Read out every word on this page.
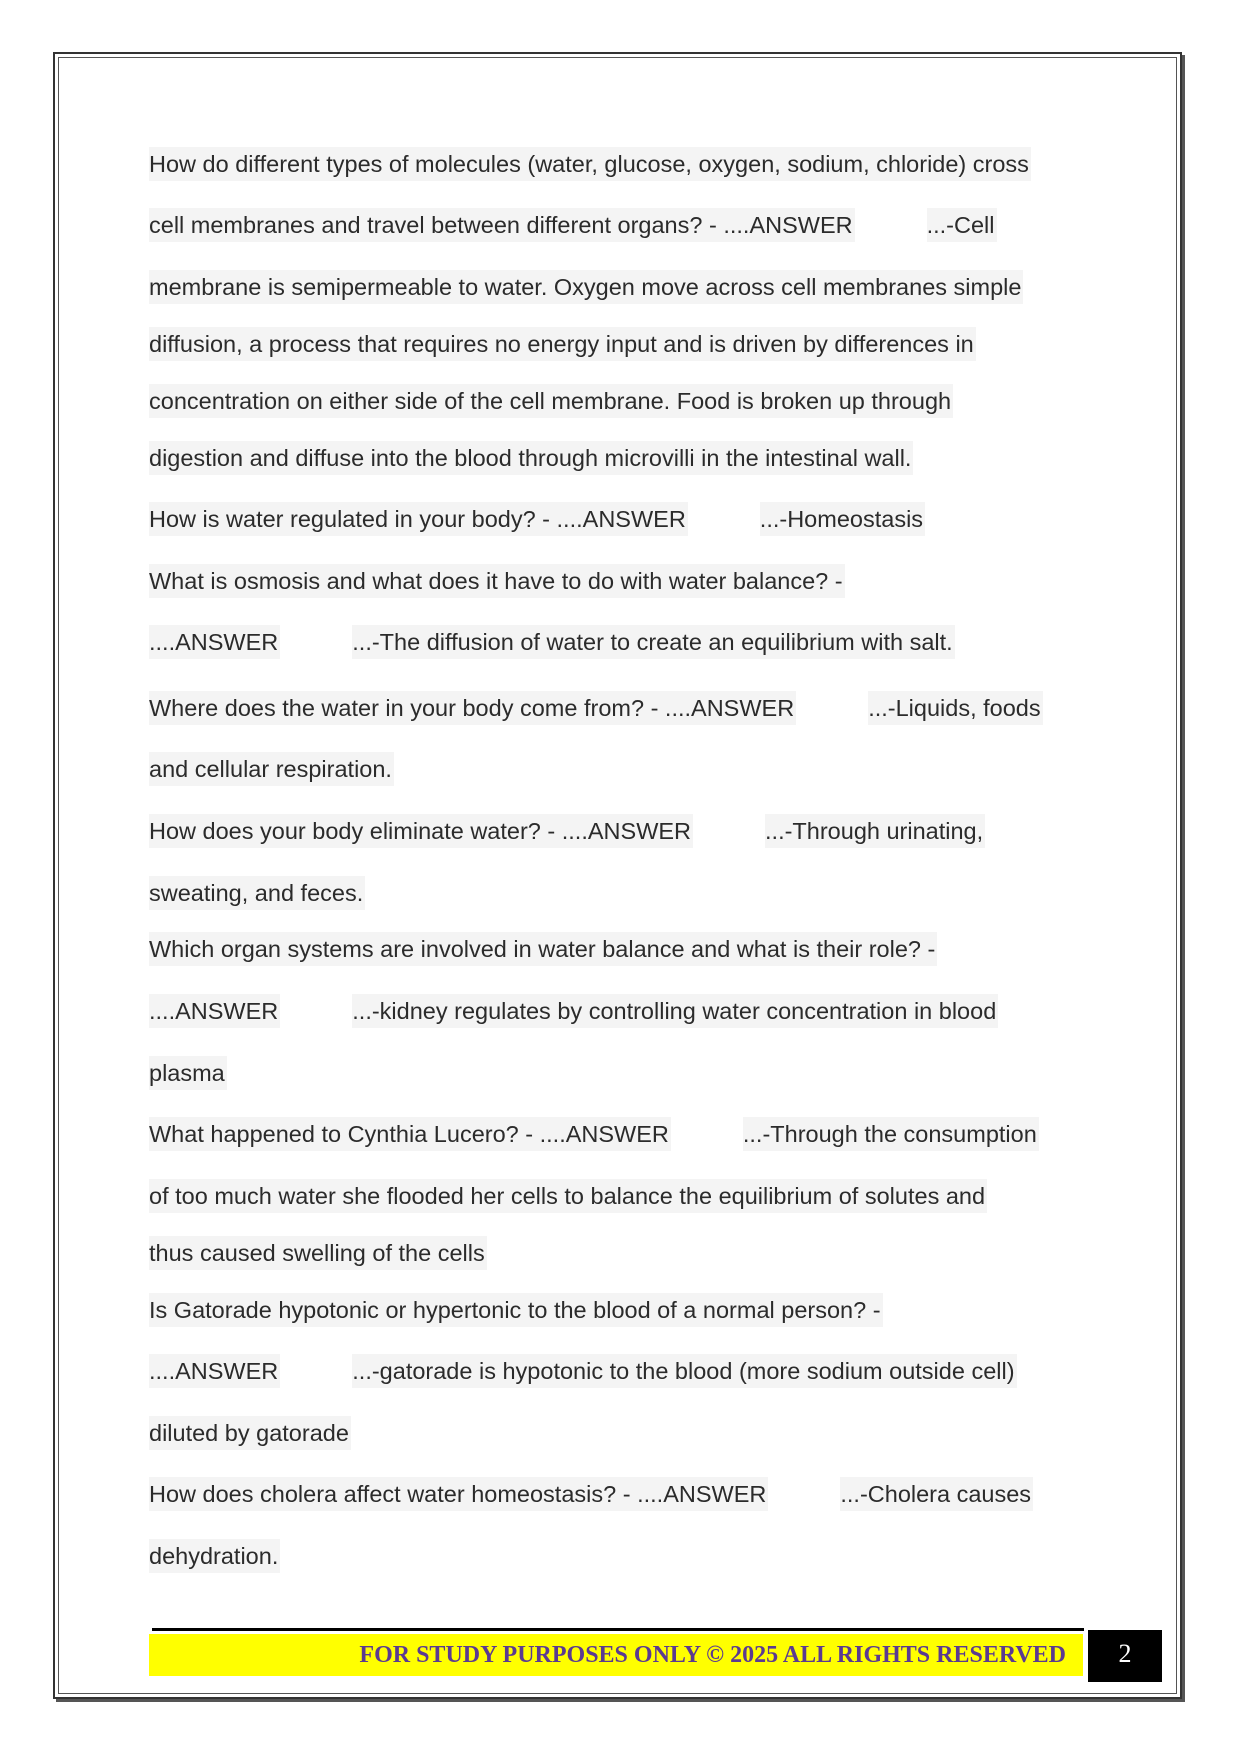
How do different types of molecules (water, glucose, oxygen, sodium, chloride) cross
cell membranes and travel between different organs? - ....ANSWER	...-Cell
membrane is semipermeable to water. Oxygen move across cell membranes simple
diffusion, a process that requires no energy input and is driven by differences in
concentration on either side of the cell membrane. Food is broken up through
digestion and diffuse into the blood through microvilli in the intestinal wall.
How is water regulated in your body? - ....ANSWER	...-Homeostasis
What is osmosis and what does it have to do with water balance? -
....ANSWER	...-The diffusion of water to create an equilibrium with salt.
Where does the water in your body come from? - ....ANSWER	...-Liquids, foods
and cellular respiration.
How does your body eliminate water? - ....ANSWER	...-Through urinating,
sweating, and feces.
Which organ systems are involved in water balance and what is their role? -
....ANSWER	...-kidney regulates by controlling water concentration in blood
plasma
What happened to Cynthia Lucero? - ....ANSWER	...-Through the consumption
of too much water she flooded her cells to balance the equilibrium of solutes and
thus caused swelling of the cells
Is Gatorade hypotonic or hypertonic to the blood of a normal person? -
....ANSWER	...-gatorade is hypotonic to the blood (more sodium outside cell)
diluted by gatorade
How does cholera affect water homeostasis? - ....ANSWER	...-Cholera causes
dehydration.
FOR STUDY PURPOSES ONLY © 2025 ALL RIGHTS RESERVED	2
